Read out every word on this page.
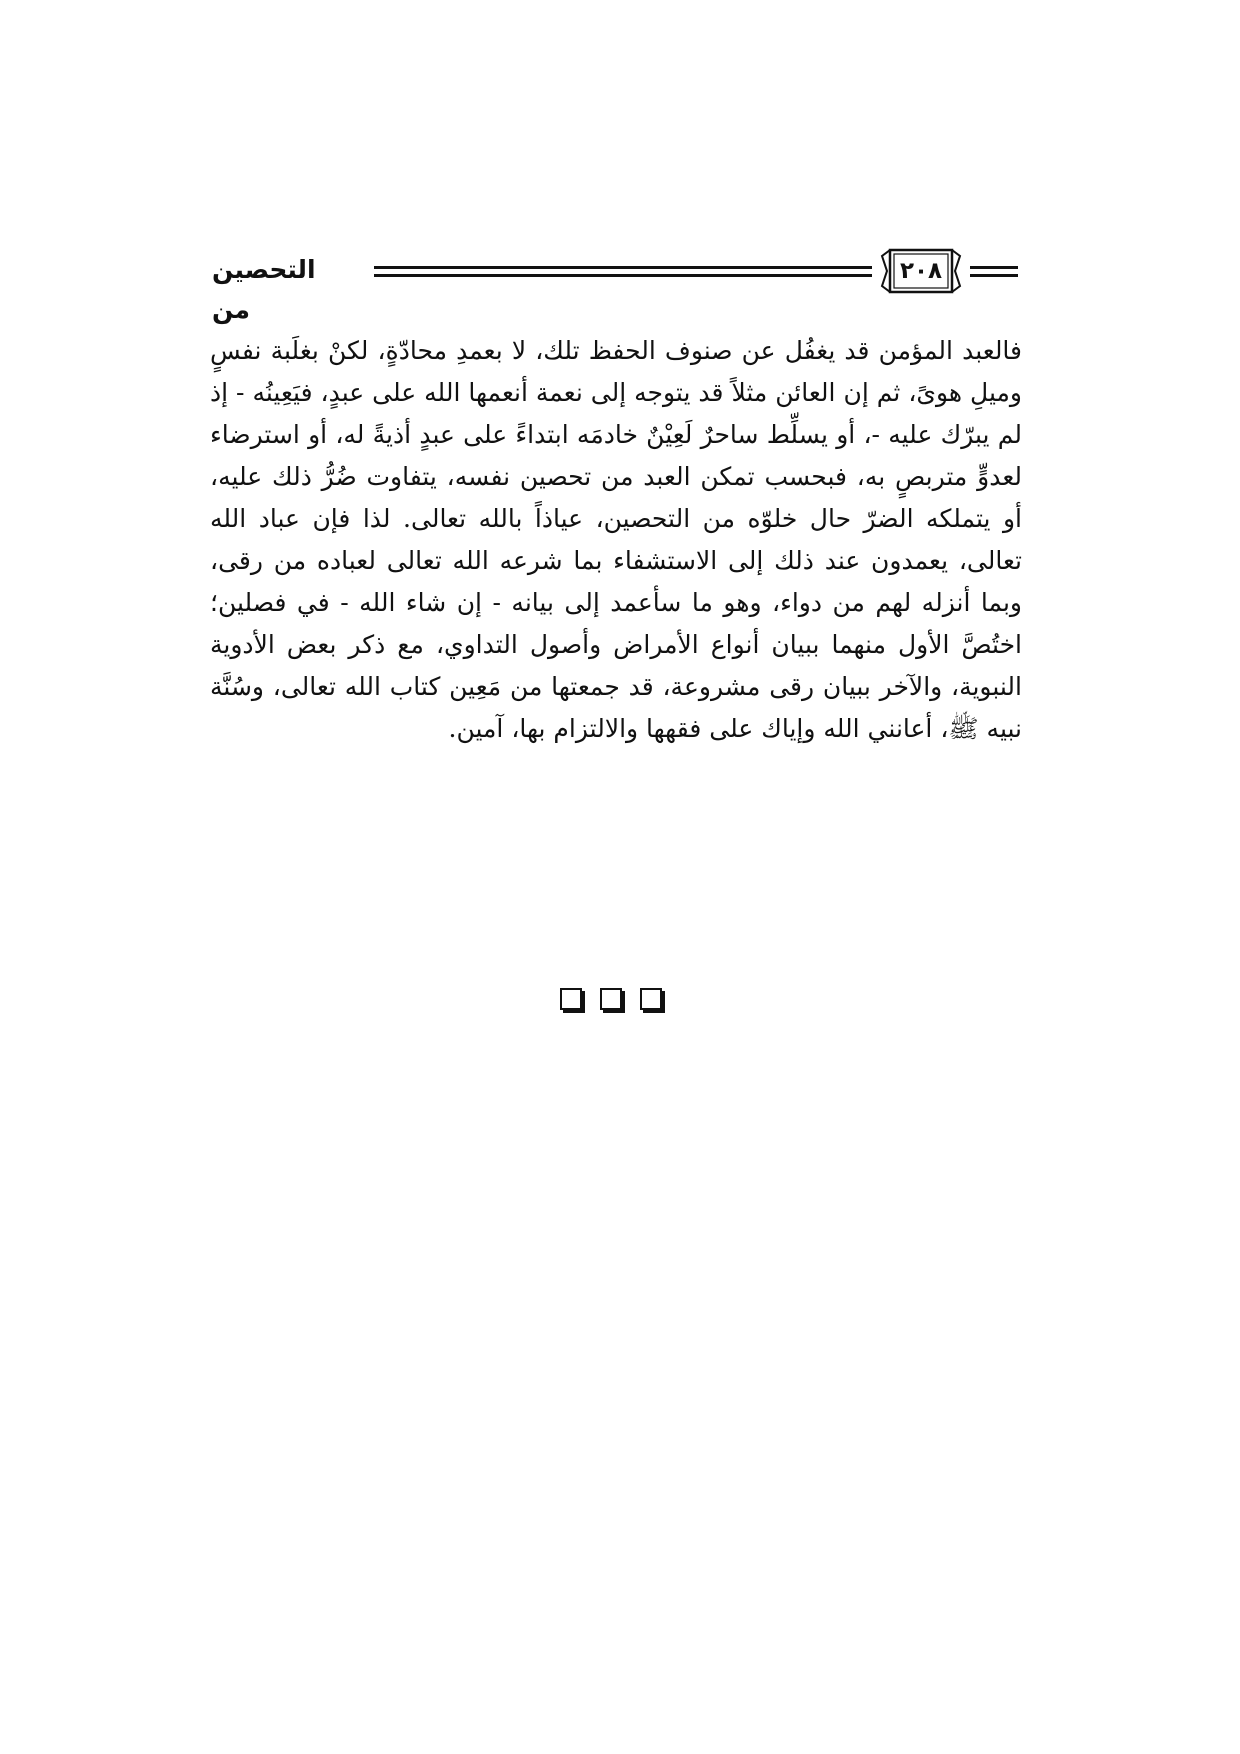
التحصين من
٢٠٨

فالعبد المؤمن قد يغفُل عن صنوف الحفظ تلك، لا بعمدِ محادّةٍ، لكنْ بغلَبة نفسٍ وميلِ هوىً، ثم إن العائن مثلاً قد يتوجه إلى نعمة أنعمها الله على عبدٍ، فيَعِينُه - إذ لم يبرّك عليه -، أو يسلِّط ساحرٌ لَعِيْنٌ خادمَه ابتداءً على عبدٍ أذيةً له، أو استرضاء لعدوٍّ متربصٍ به، فبحسب تمكن العبد من تحصين نفسه، يتفاوت ضُرُّ ذلك عليه، أو يتملكه الضرّ حال خلوّه من التحصين، عياذاً بالله تعالى. لذا فإن عباد الله تعالى، يعمدون عند ذلك إلى الاستشفاء بما شرعه الله تعالى لعباده من رقى، وبما أنزله لهم من دواء، وهو ما سأعمد إلى بيانه - إن شاء الله - في فصلين؛ اختُصَّ الأول منهما ببيان أنواع الأمراض وأصول التداوي، مع ذكر بعض الأدوية النبوية، والآخر ببيان رقى مشروعة، قد جمعتها من مَعِين كتاب الله تعالى، وسُنَّة نبيه ﷺ، أعانني الله وإياك على فقهها والالتزام بها، آمين.
